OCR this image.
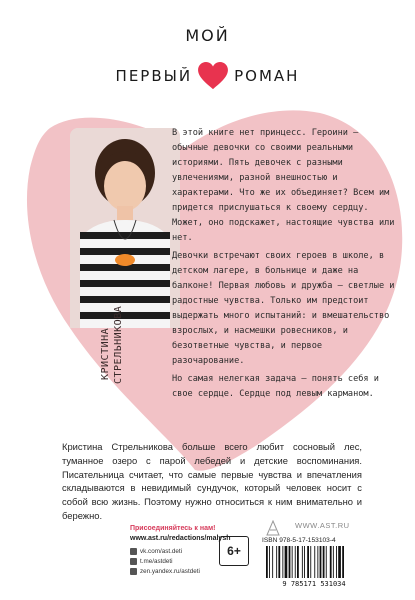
МОЙ
ПЕРВЫЙ	РОМАН
КРИСТИНА СТРЕЛЬНИКОВА

В этой книге нет принцесс. Героини — обычные девочки со своими реальными историями. Пять девочек с разными увлечениями, разной внешностью и характерами. Что же их объединяет? Всем им придется прислушаться к своему сердцу. Может, оно подскажет, настоящие чувства или нет.

Девочки встречают своих героев в школе, в детском лагере, в больнице и даже на балконе! Первая любовь и дружба — светлые и радостные чувства. Только им предстоит выдержать много испытаний: и вмешательство взрослых, и насмешки ровесников, и безответные чувства, и первое разочарование.

Но самая нелегкая задача — понять себя и свое сердце. Сердце под левым карманом.

Кристина Стрельникова больше всего любит сосновый лес, туманное озеро с парой лебедей и детские воспоминания. Писательница считает, что самые первые чувства и впечатления складываются в невидимый сундучок, который человек носит с собой всю жизнь. Поэтому нужно относиться к ним внимательно и бережно.
Присоединяйтесь к нам!
www.ast.ru/redactions/malysh
vk.com/ast.deti
t.me/astdeti
zen.yandex.ru/astdeti
6+
WWW.AST.RU
ISBN 978-5-17-153103-4
9 785171 531034
